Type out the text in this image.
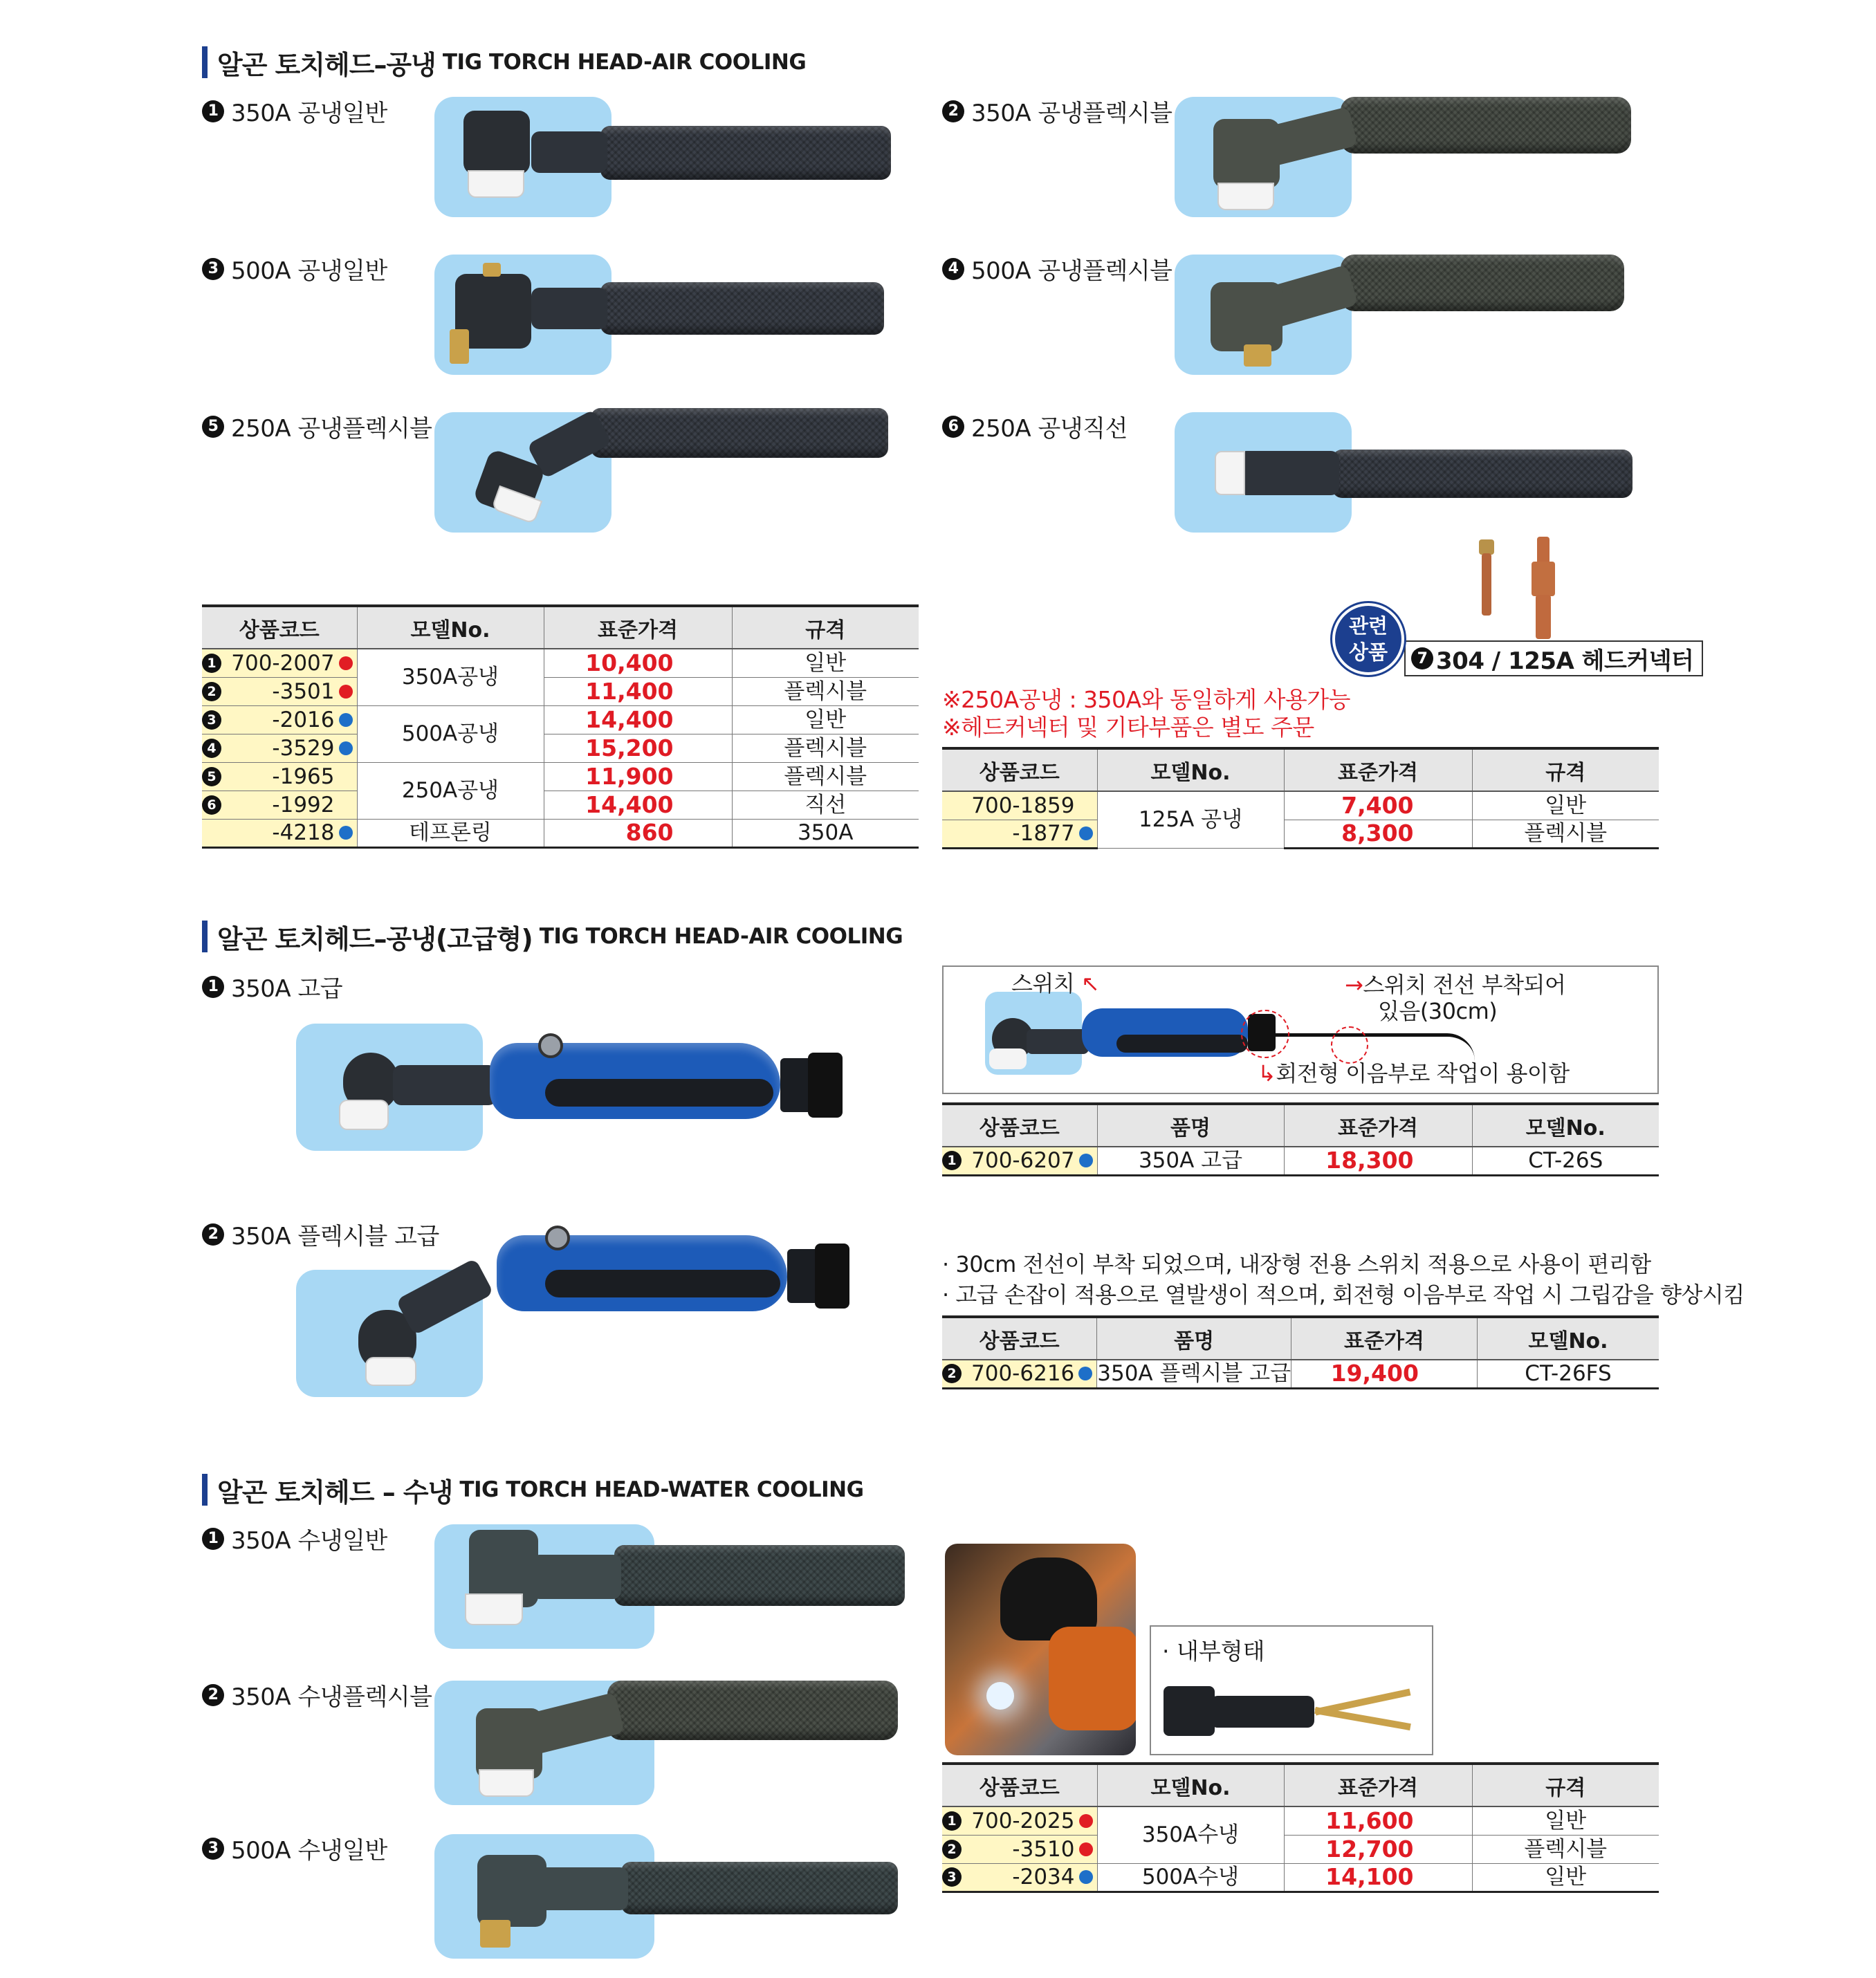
알곤 토치헤드–공냉 TIG TORCH HEAD-AIR COOLING
1 350A 공냉일반	2 350A 공냉플렉시블
3 500A 공냉일반	4 500A 공냉플렉시블
5 250A 공냉플렉시블	6 250A 공냉직선
7 304 / 125A 헤드커넥터
관련
상품
※250A공냉 : 350A와 동일하게 사용가능
※헤드커넥터 및 기타부품은 별도 주문
상품코드	모델No.	표준가격	규격

1 700-2007	350A공냉	10,400	일반

2 -3501		11,400	플렉시블

3 -2016	500A공냉	14,400	일반

4 -3529		15,200	플렉시블

5 -1965	250A공냉	11,900	플렉시블

6 -1992		14,400	직선

-4218	테프론링	860	350A
상품코드	모델No.	표준가격	규격

700-1859	125A 공냉	7,400	일반

-1877		8,300	플렉시블
알곤 토치헤드–공냉(고급형) TIG TORCH HEAD-AIR COOLING
1 350A 고급
2 350A 플렉시블 고급
스위치 ↖	→스위치 전선 부착되어
있음(30cm)
↳회전형 이음부로 작업이 용이함
상품코드	품명	표준가격	모델No.

1 700-6207	350A 고급	18,300	CT-26S
· 30cm 전선이 부착 되었으며, 내장형 전용 스위치 적용으로 사용이 편리함
· 고급 손잡이 적용으로 열발생이 적으며, 회전형 이음부로 작업 시 그립감을 향상시킴
상품코드	품명	표준가격	모델No.

2 700-6216	350A 플렉시블 고급	19,400	CT-26FS
알곤 토치헤드 – 수냉 TIG TORCH HEAD-WATER COOLING
1 350A 수냉일반
2 350A 수냉플렉시블
3 500A 수냉일반
· 내부형태
상품코드	모델No.	표준가격	규격

1 700-2025	350A수냉	11,600	일반

2 -3510		12,700	플렉시블

3 -2034	500A수냉	14,100	일반
